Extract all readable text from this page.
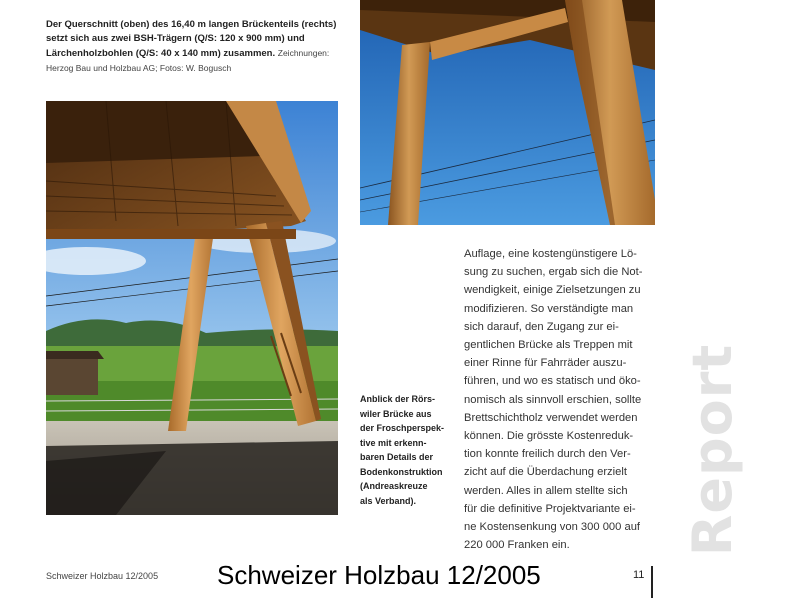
Der Querschnitt (oben) des 16,40 m langen Brückenteils (rechts) setzt sich aus zwei BSH-Trägern (Q/S: 120 x 900 mm) und Lärchenholzbohlen (Q/S: 40 x 140 mm) zusammen. Zeichnungen: Herzog Bau und Holzbau AG; Fotos: W. Bogusch
Anblick der Rörs-
wiler Brücke aus
der Froschperspek-
tive mit erkenn-
baren Details der
Bodenkonstruktion
(Andreaskreuze
als Verband).
Auflage, eine kostengünstigere Lö-
sung zu suchen, ergab sich die Not-
wendigkeit, einige Zielsetzungen zu
modifizieren. So verständigte man
sich darauf, den Zugang zur ei-
gentlichen Brücke als Treppen mit
einer Rinne für Fahrräder auszu-
führen, und wo es statisch und öko-
nomisch als sinnvoll erschien, sollte
Brettschichtholz verwendet werden
können. Die grösste Kostenreduk-
tion konnte freilich durch den Ver-
zicht auf die Überdachung erzielt
werden. Alles in allem stellte sich
für die definitive Projektvariante ei-
ne Kostensenkung von 300 000 auf
220 000 Franken ein.	Report
Schweizer Holzbau 12/2005 Schweizer Holzbau 12/2005	11
